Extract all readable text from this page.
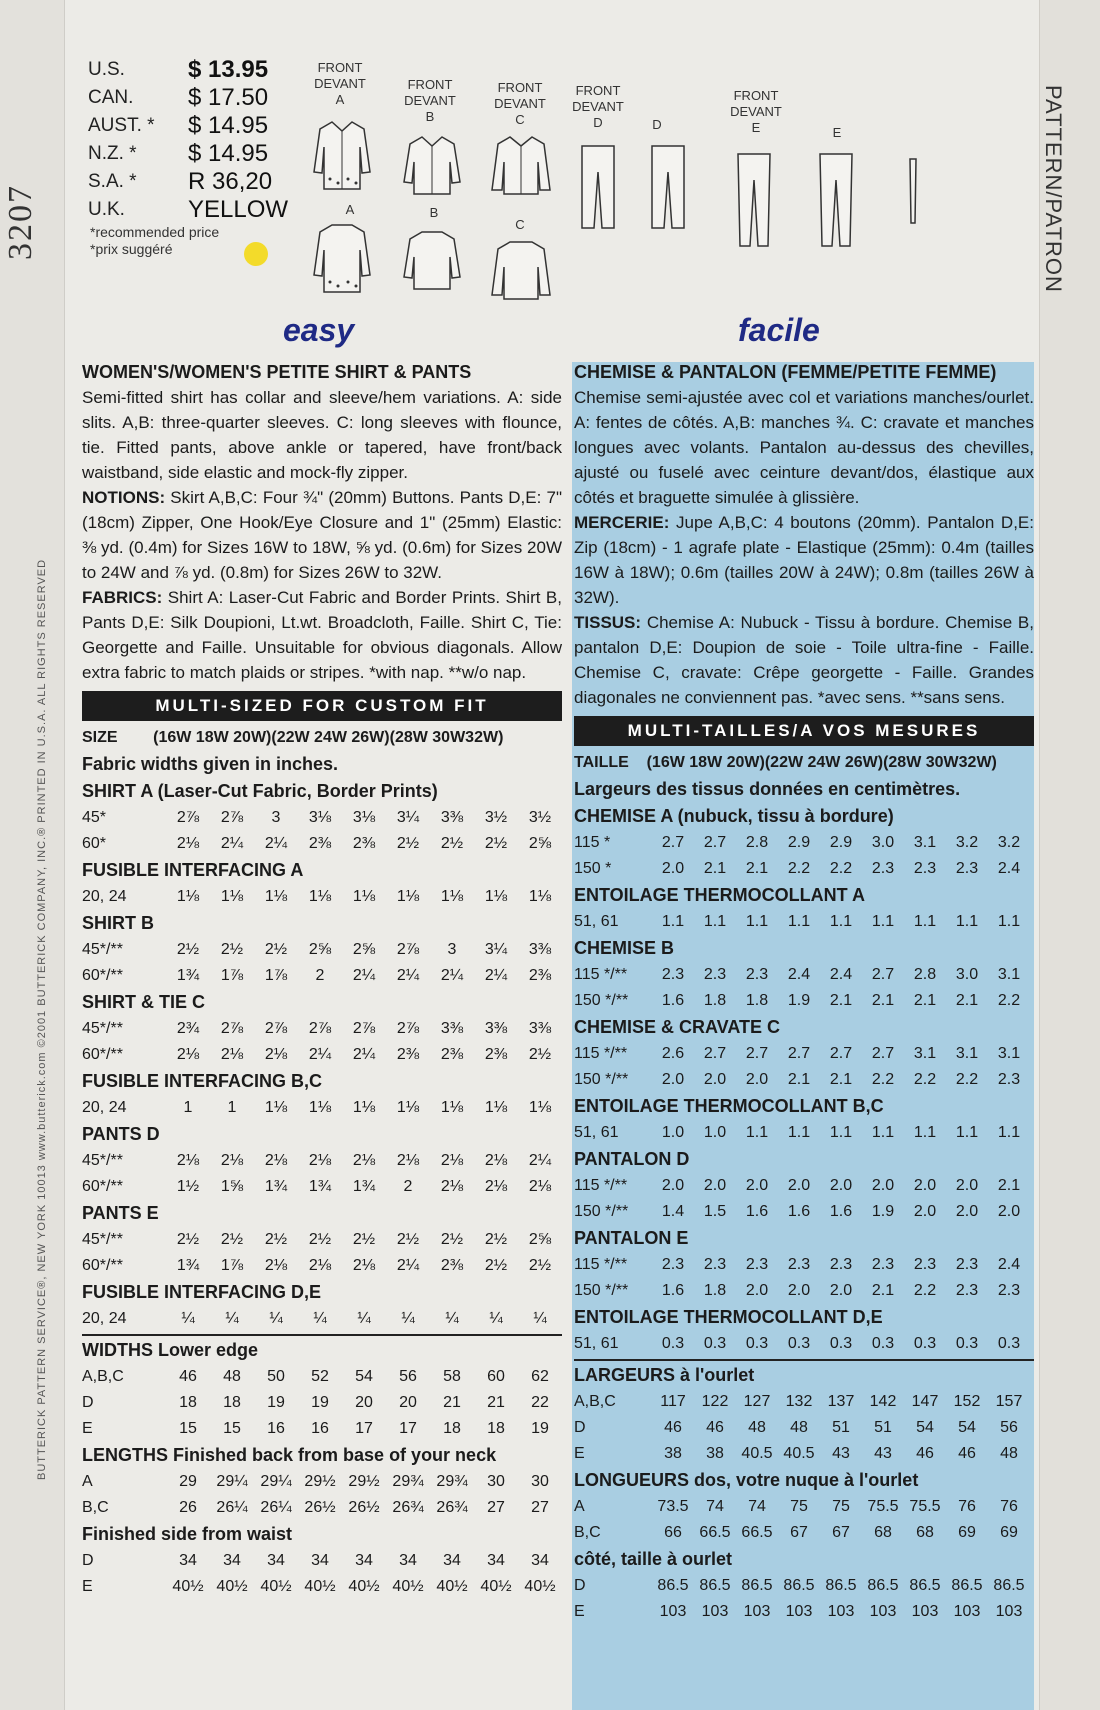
3207
BUTTERICK PATTERN SERVICE®, NEW YORK 10013 www.butterick.com ©2001 BUTTERICK COMPANY, INC.® PRINTED IN U.S.A. ALL RIGHTS RESERVED
PATTERN/PATRON
U.S.	$ 13.95
CAN.	$ 17.50
AUST. *	$ 14.95
N.Z. *	$ 14.95
S.A. *	R 36,20
U.K.	YELLOW
*recommended price
*prix suggéré
FRONT
DEVANT
A
FRONT
DEVANT
B
FRONT
DEVANT
C
FRONT
DEVANT
D	D
FRONT
DEVANT
E	E
A	B
C
easy	facile
WOMEN'S/WOMEN'S PETITE SHIRT & PANTS
Semi-fitted shirt has collar and sleeve/hem variations. A: side slits. A,B: three-quarter sleeves. C: long sleeves with flounce, tie. Fitted pants, above ankle or tapered, have front/back waistband, side elastic and mock-fly zipper.
NOTIONS: Skirt A,B,C: Four ¾" (20mm) Buttons. Pants D,E: 7" (18cm) Zipper, One Hook/Eye Closure and 1" (25mm) Elastic: ⅜ yd. (0.4m) for Sizes 16W to 18W, ⅝ yd. (0.6m) for Sizes 20W to 24W and ⅞ yd. (0.8m) for Sizes 26W to 32W.
FABRICS: Shirt A: Laser-Cut Fabric and Border Prints. Shirt B, Pants D,E: Silk Doupioni, Lt.wt. Broadcloth, Faille. Shirt C, Tie: Georgette and Faille. Unsuitable for obvious diagonals. Allow extra fabric to match plaids or stripes. *with nap. **w/o nap.
MULTI-SIZED FOR CUSTOM FIT
SIZE (16W 18W 20W)(22W 24W 26W)(28W 30W32W)
Fabric widths given in inches.
SHIRT A (Laser-Cut Fabric, Border Prints)
45*	2⅞	2⅞	3	3⅛	3⅛	3¼	3⅜	3½	3½
60*	2⅛	2¼	2¼	2⅜	2⅜	2½	2½	2½	2⅝
FUSIBLE INTERFACING A
20, 24	1⅛	1⅛	1⅛	1⅛	1⅛	1⅛	1⅛	1⅛	1⅛
SHIRT B
45*/**	2½	2½	2½	2⅝	2⅝	2⅞	3	3¼	3⅜
60*/**	1¾	1⅞	1⅞	2	2¼	2¼	2¼	2¼	2⅜
SHIRT & TIE C
45*/**	2¾	2⅞	2⅞	2⅞	2⅞	2⅞	3⅜	3⅜	3⅜
60*/**	2⅛	2⅛	2⅛	2¼	2¼	2⅜	2⅜	2⅜	2½
FUSIBLE INTERFACING B,C
20, 24	1	1	1⅛	1⅛	1⅛	1⅛	1⅛	1⅛	1⅛
PANTS D
45*/**	2⅛	2⅛	2⅛	2⅛	2⅛	2⅛	2⅛	2⅛	2¼
60*/**	1½	1⅝	1¾	1¾	1¾	2	2⅛	2⅛	2⅛
PANTS E
45*/**	2½	2½	2½	2½	2½	2½	2½	2½	2⅝
60*/**	1¾	1⅞	2⅛	2⅛	2⅛	2¼	2⅜	2½	2½
FUSIBLE INTERFACING D,E
20, 24	¼	¼	¼	¼	¼	¼	¼	¼	¼
WIDTHS Lower edge
A,B,C	46	48	50	52	54	56	58	60	62
D	18	18	19	19	20	20	21	21	22
E	15	15	16	16	17	17	18	18	19
LENGTHS Finished back from base of your neck
A	29	29¼ 29¼ 29½ 29½ 29¾ 29¾	30	30
B,C	26	26¼ 26¼ 26½ 26½ 26¾ 26¾	27	27
Finished side from waist
D	34	34	34	34	34	34	34	34	34
E	40½ 40½ 40½ 40½ 40½ 40½ 40½ 40½ 40½
CHEMISE & PANTALON (FEMME/PETITE FEMME)
Chemise semi-ajustée avec col et variations manches/ourlet. A: fentes de côtés. A,B: manches ¾. C: cravate et manches longues avec volants. Pantalon au-dessus des chevilles, ajusté ou fuselé avec ceinture devant/dos, élastique aux côtés et braguette simulée à glissière.
MERCERIE: Jupe A,B,C: 4 boutons (20mm). Pantalon D,E: Zip (18cm) - 1 agrafe plate - Elastique (25mm): 0.4m (tailles 16W à 18W); 0.6m (tailles 20W à 24W); 0.8m (tailles 26W à 32W).
TISSUS: Chemise A: Nubuck - Tissu à bordure. Chemise B, pantalon D,E: Doupion de soie - Toile ultra-fine - Faille. Chemise C, cravate: Crêpe georgette - Faille. Grandes diagonales ne conviennent pas. *avec sens. **sans sens.
MULTI-TAILLES/A VOS MESURES
TAILLE (16W 18W 20W)(22W 24W 26W)(28W 30W32W)
Largeurs des tissus données en centimètres.
CHEMISE A (nubuck, tissu à bordure)
115 *	2.7	2.7	2.8	2.9	2.9	3.0	3.1	3.2	3.2
150 *	2.0	2.1	2.1	2.2	2.2	2.3	2.3	2.3	2.4
ENTOILAGE THERMOCOLLANT A
51, 61	1.1	1.1	1.1	1.1	1.1	1.1	1.1	1.1	1.1
CHEMISE B
115 */**	2.3	2.3	2.3	2.4	2.4	2.7	2.8	3.0	3.1
150 */**	1.6	1.8	1.8	1.9	2.1	2.1	2.1	2.1	2.2
CHEMISE & CRAVATE C
115 */**	2.6	2.7	2.7	2.7	2.7	2.7	3.1	3.1	3.1
150 */**	2.0	2.0	2.0	2.1	2.1	2.2	2.2	2.2	2.3
ENTOILAGE THERMOCOLLANT B,C
51, 61	1.0	1.0	1.1	1.1	1.1	1.1	1.1	1.1	1.1
PANTALON D
115 */**	2.0	2.0	2.0	2.0	2.0	2.0	2.0	2.0	2.1
150 */**	1.4	1.5	1.6	1.6	1.6	1.9	2.0	2.0	2.0
PANTALON E
115 */**	2.3	2.3	2.3	2.3	2.3	2.3	2.3	2.3	2.4
150 */**	1.6	1.8	2.0	2.0	2.0	2.1	2.2	2.3	2.3
ENTOILAGE THERMOCOLLANT D,E
51, 61	0.3	0.3	0.3	0.3	0.3	0.3	0.3	0.3	0.3
LARGEURS à l'ourlet
A,B,C	117 122 127 132 137 142 147 152 157
D	46	46	48	48	51	51	54	54	56
E	38	38	40.5 40.5	43	43	46	46	48
LONGUEURS dos, votre nuque à l'ourlet
A	73.5	74	74	75	75	75.5 75.5	76	76
B,C	66	66.5 66.5	67	67	68	68	69	69
côté, taille à ourlet
D	86.5 86.5 86.5 86.5 86.5 86.5 86.5 86.5 86.5
E	103 103 103 103 103 103 103 103 103
